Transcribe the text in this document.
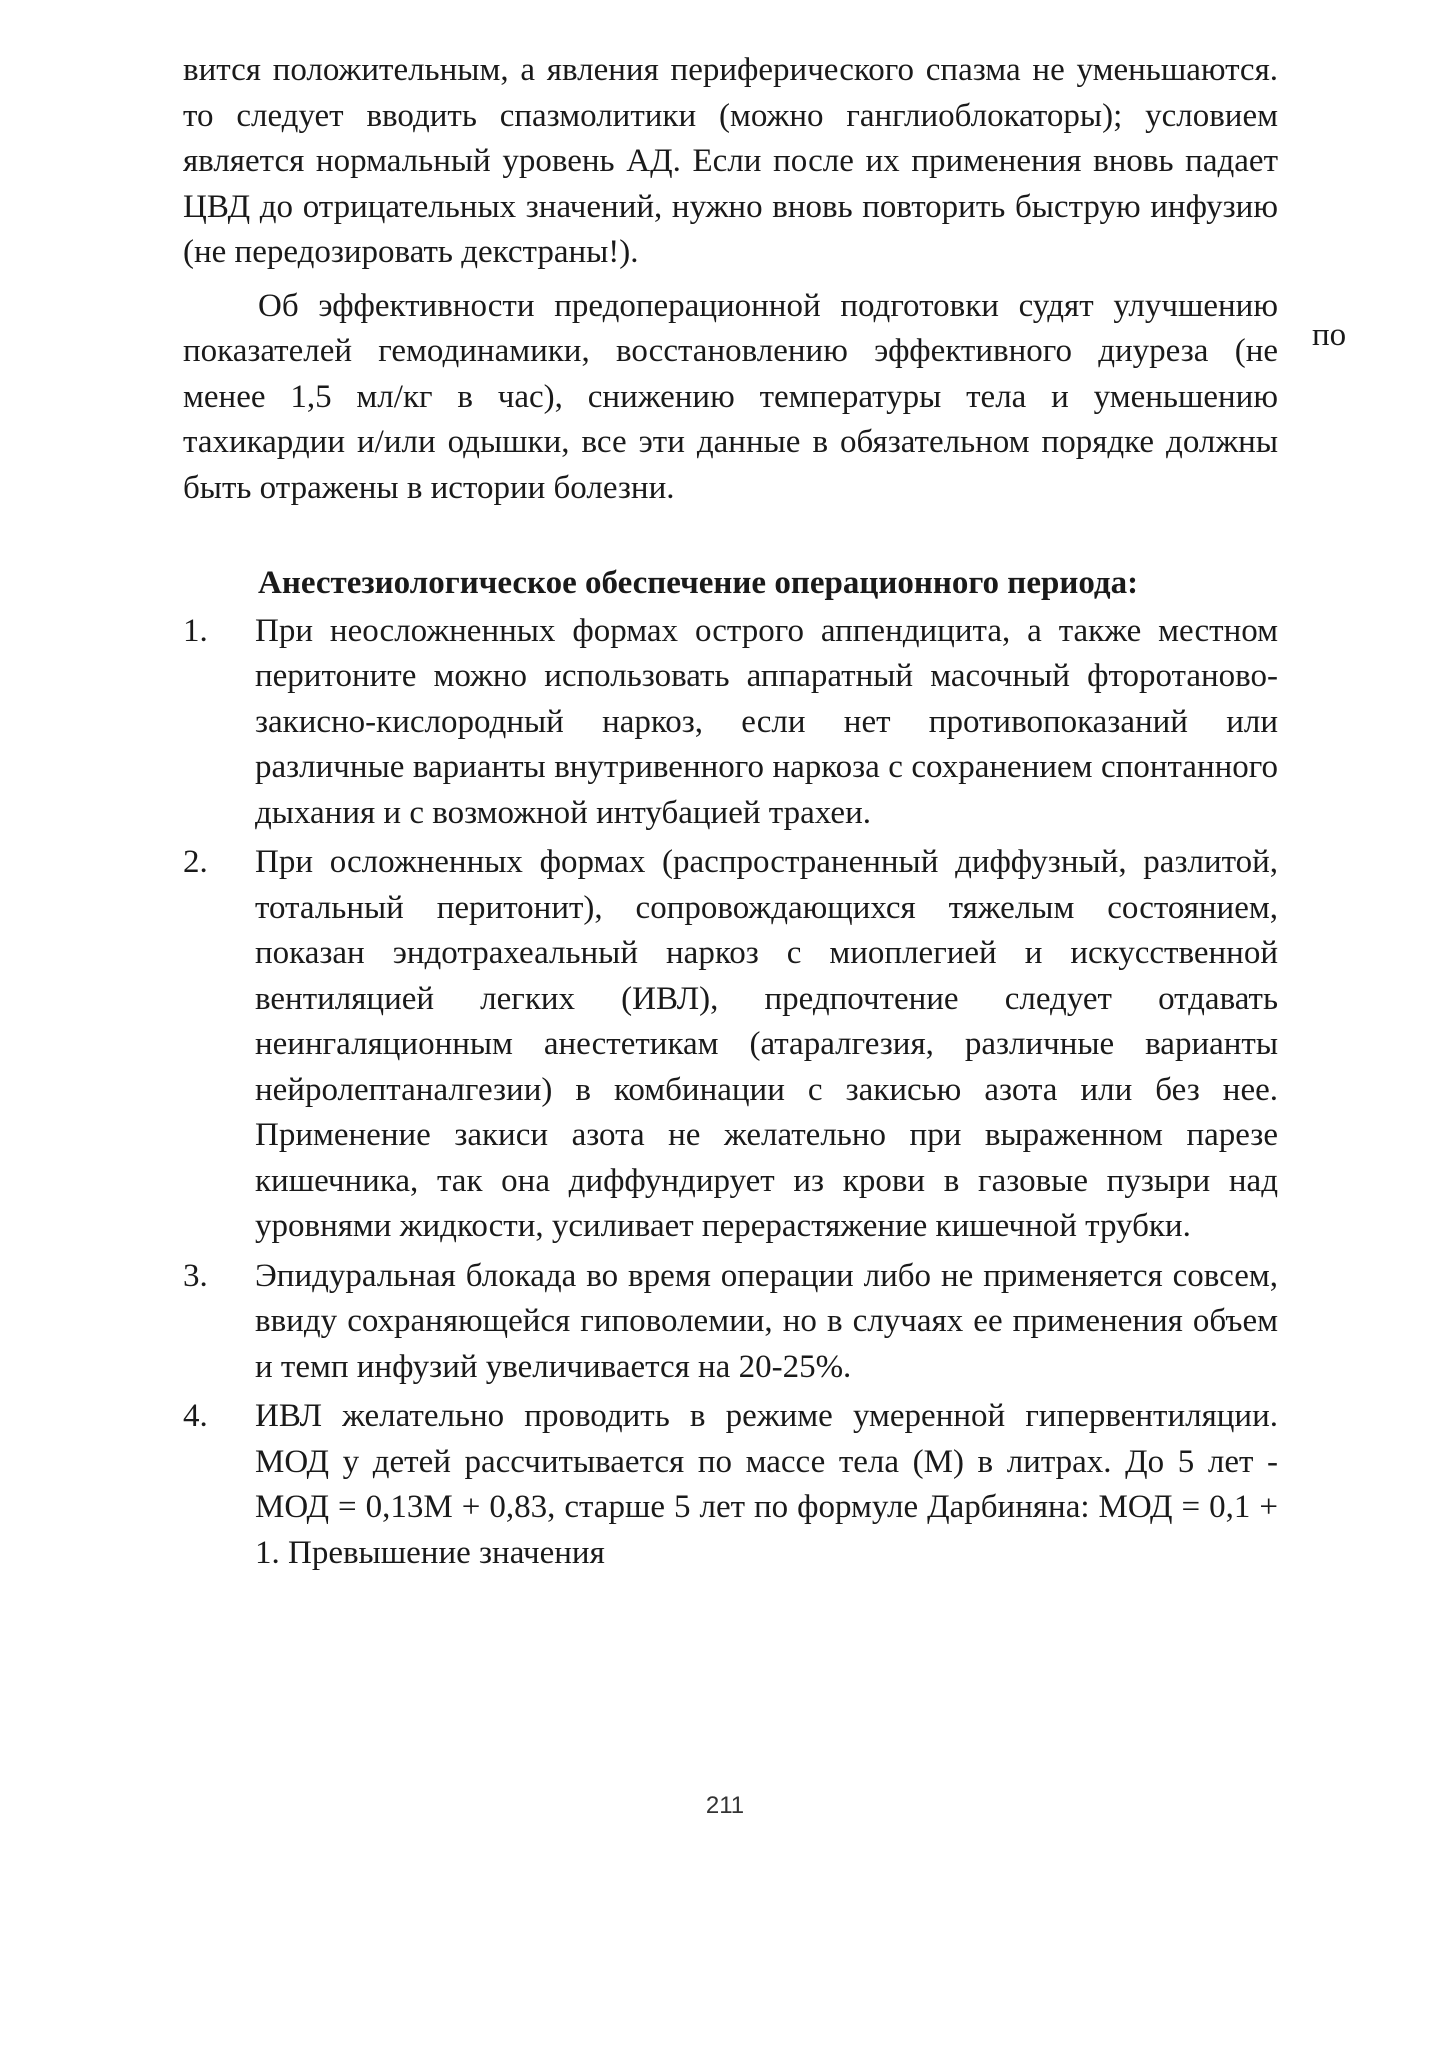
вится положительным, а явления периферического спазма не уменьшаются. то следует вводить спазмолитики (можно ганглиоблокаторы); условием является нормальный уровень АД. Если после их применения вновь падает ЦВД до отрицательных значений, нужно вновь повторить быструю инфузию (не передозировать декстраны!).

Об эффективности предоперационной подготовки судят улучшению показателей гемодинамики, восстановлению эффективного диуреза (не менее 1,5 мл/кг в час), снижению температуры тела и уменьшению тахикардии и/или одышки, все эти данные в обязательном порядке должны быть отражены в истории болезни.

Анестезиологическое обеспечение операционного периода:

1. При неосложненных формах острого аппендицита, а также местном перитоните можно использовать аппаратный масочный фторотаново-закисно-кислородный наркоз, если нет противопоказаний или различные варианты внутривенного наркоза с сохранением спонтанного дыхания и с возможной интубацией трахеи.
2. При осложненных формах (распространенный диффузный, разлитой, тотальный перитонит), сопровождающихся тяжелым состоянием, показан эндотрахеальный наркоз с миоплегией и искусственной вентиляцией легких (ИВЛ), предпочтение следует отдавать неингаляционным анестетикам (атаралгезия, различные варианты нейролептаналгезии) в комбинации с закисью азота или без нее. Применение закиси азота не желательно при выраженном парезе кишечника, так она диффундирует из крови в газовые пузыри над уровнями жидкости, усиливает перерастяжение кишечной трубки.
3. Эпидуральная блокада во время операции либо не применяется совсем, ввиду сохраняющейся гиповолемии, но в случаях ее применения объем и темп инфузий увеличивается на 20-25%.
4. ИВЛ желательно проводить в режиме умеренной гипервентиляции. МОД у детей рассчитывается по массе тела (М) в литрах. До 5 лет - МОД = 0,13М + 0,83, старше 5 лет по формуле Дарбиняна: МОД = 0,1 + 1. Превышение значения
по
211
